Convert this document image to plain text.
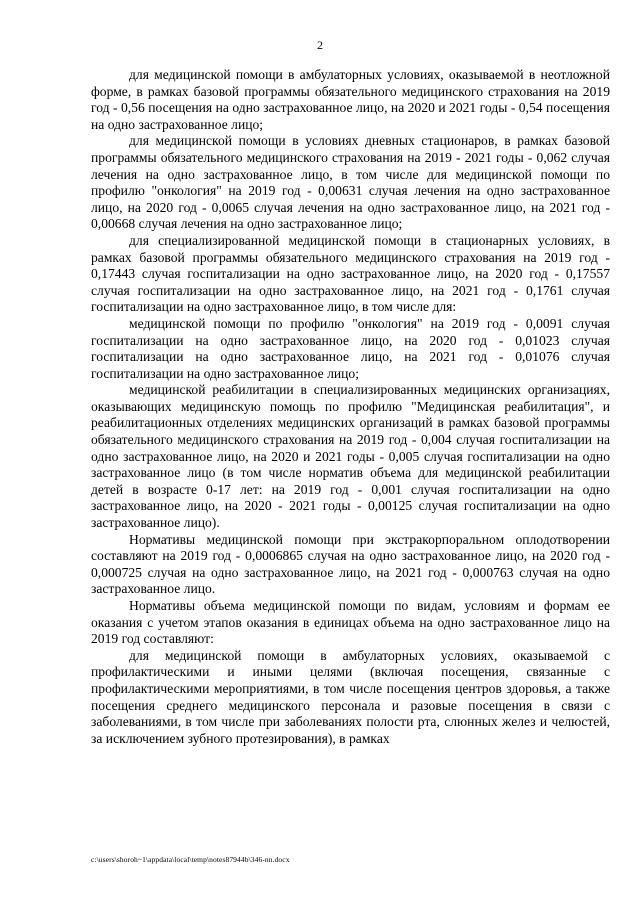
2

для медицинской помощи в амбулаторных условиях, оказываемой в неотложной форме, в рамках базовой программы обязательного медицинского страхования на 2019 год - 0,56 посещения на одно застрахованное лицо, на 2020 и 2021 годы - 0,54 посещения на одно застрахованное лицо;

для медицинской помощи в условиях дневных стационаров, в рамках базовой программы обязательного медицинского страхования на 2019 - 2021 годы - 0,062 случая лечения на одно застрахованное лицо, в том числе для медицинской помощи по профилю "онкология" на 2019 год - 0,00631 случая лечения на одно застрахованное лицо, на 2020 год - 0,0065 случая лечения на одно застрахованное лицо, на 2021 год - 0,00668 случая лечения на одно застрахованное лицо;

для специализированной медицинской помощи в стационарных условиях, в рамках базовой программы обязательного медицинского страхования на 2019 год - 0,17443 случая госпитализации на одно застрахованное лицо, на 2020 год - 0,17557 случая госпитализации на одно застрахованное лицо, на 2021 год - 0,1761 случая госпитализации на одно застрахованное лицо, в том числе для:

медицинской помощи по профилю "онкология" на 2019 год - 0,0091 случая госпитализации на одно застрахованное лицо, на 2020 год - 0,01023 случая госпитализации на одно застрахованное лицо, на 2021 год - 0,01076 случая госпитализации на одно застрахованное лицо;

медицинской реабилитации в специализированных медицинских организациях, оказывающих медицинскую помощь по профилю "Медицинская реабилитация", и реабилитационных отделениях медицинских организаций в рамках базовой программы обязательного медицинского страхования на 2019 год - 0,004 случая госпитализации на одно застрахованное лицо, на 2020 и 2021 годы - 0,005 случая госпитализации на одно застрахованное лицо (в том числе норматив объема для медицинской реабилитации детей в возрасте 0-17 лет: на 2019 год - 0,001 случая госпитализации на одно застрахованное лицо, на 2020 - 2021 годы - 0,00125 случая госпитализации на одно застрахованное лицо).

Нормативы медицинской помощи при экстракорпоральном оплодотворении составляют на 2019 год - 0,0006865 случая на одно застрахованное лицо, на 2020 год - 0,000725 случая на одно застрахованное лицо, на 2021 год - 0,000763 случая на одно застрахованное лицо.

Нормативы объема медицинской помощи по видам, условиям и формам ее оказания с учетом этапов оказания в единицах объема на одно застрахованное лицо на 2019 год составляют:

для медицинской помощи в амбулаторных условиях, оказываемой с профилактическими и иными целями (включая посещения, связанные с профилактическими мероприятиями, в том числе посещения центров здоровья, а также посещения среднего медицинского персонала и разовые посещения в связи с заболеваниями, в том числе при заболеваниях полости рта, слюнных желез и челюстей, за исключением зубного протезирования), в рамках

c:\users\shoroh~1\appdata\local\temp\notes87944b\346-nn.docx
